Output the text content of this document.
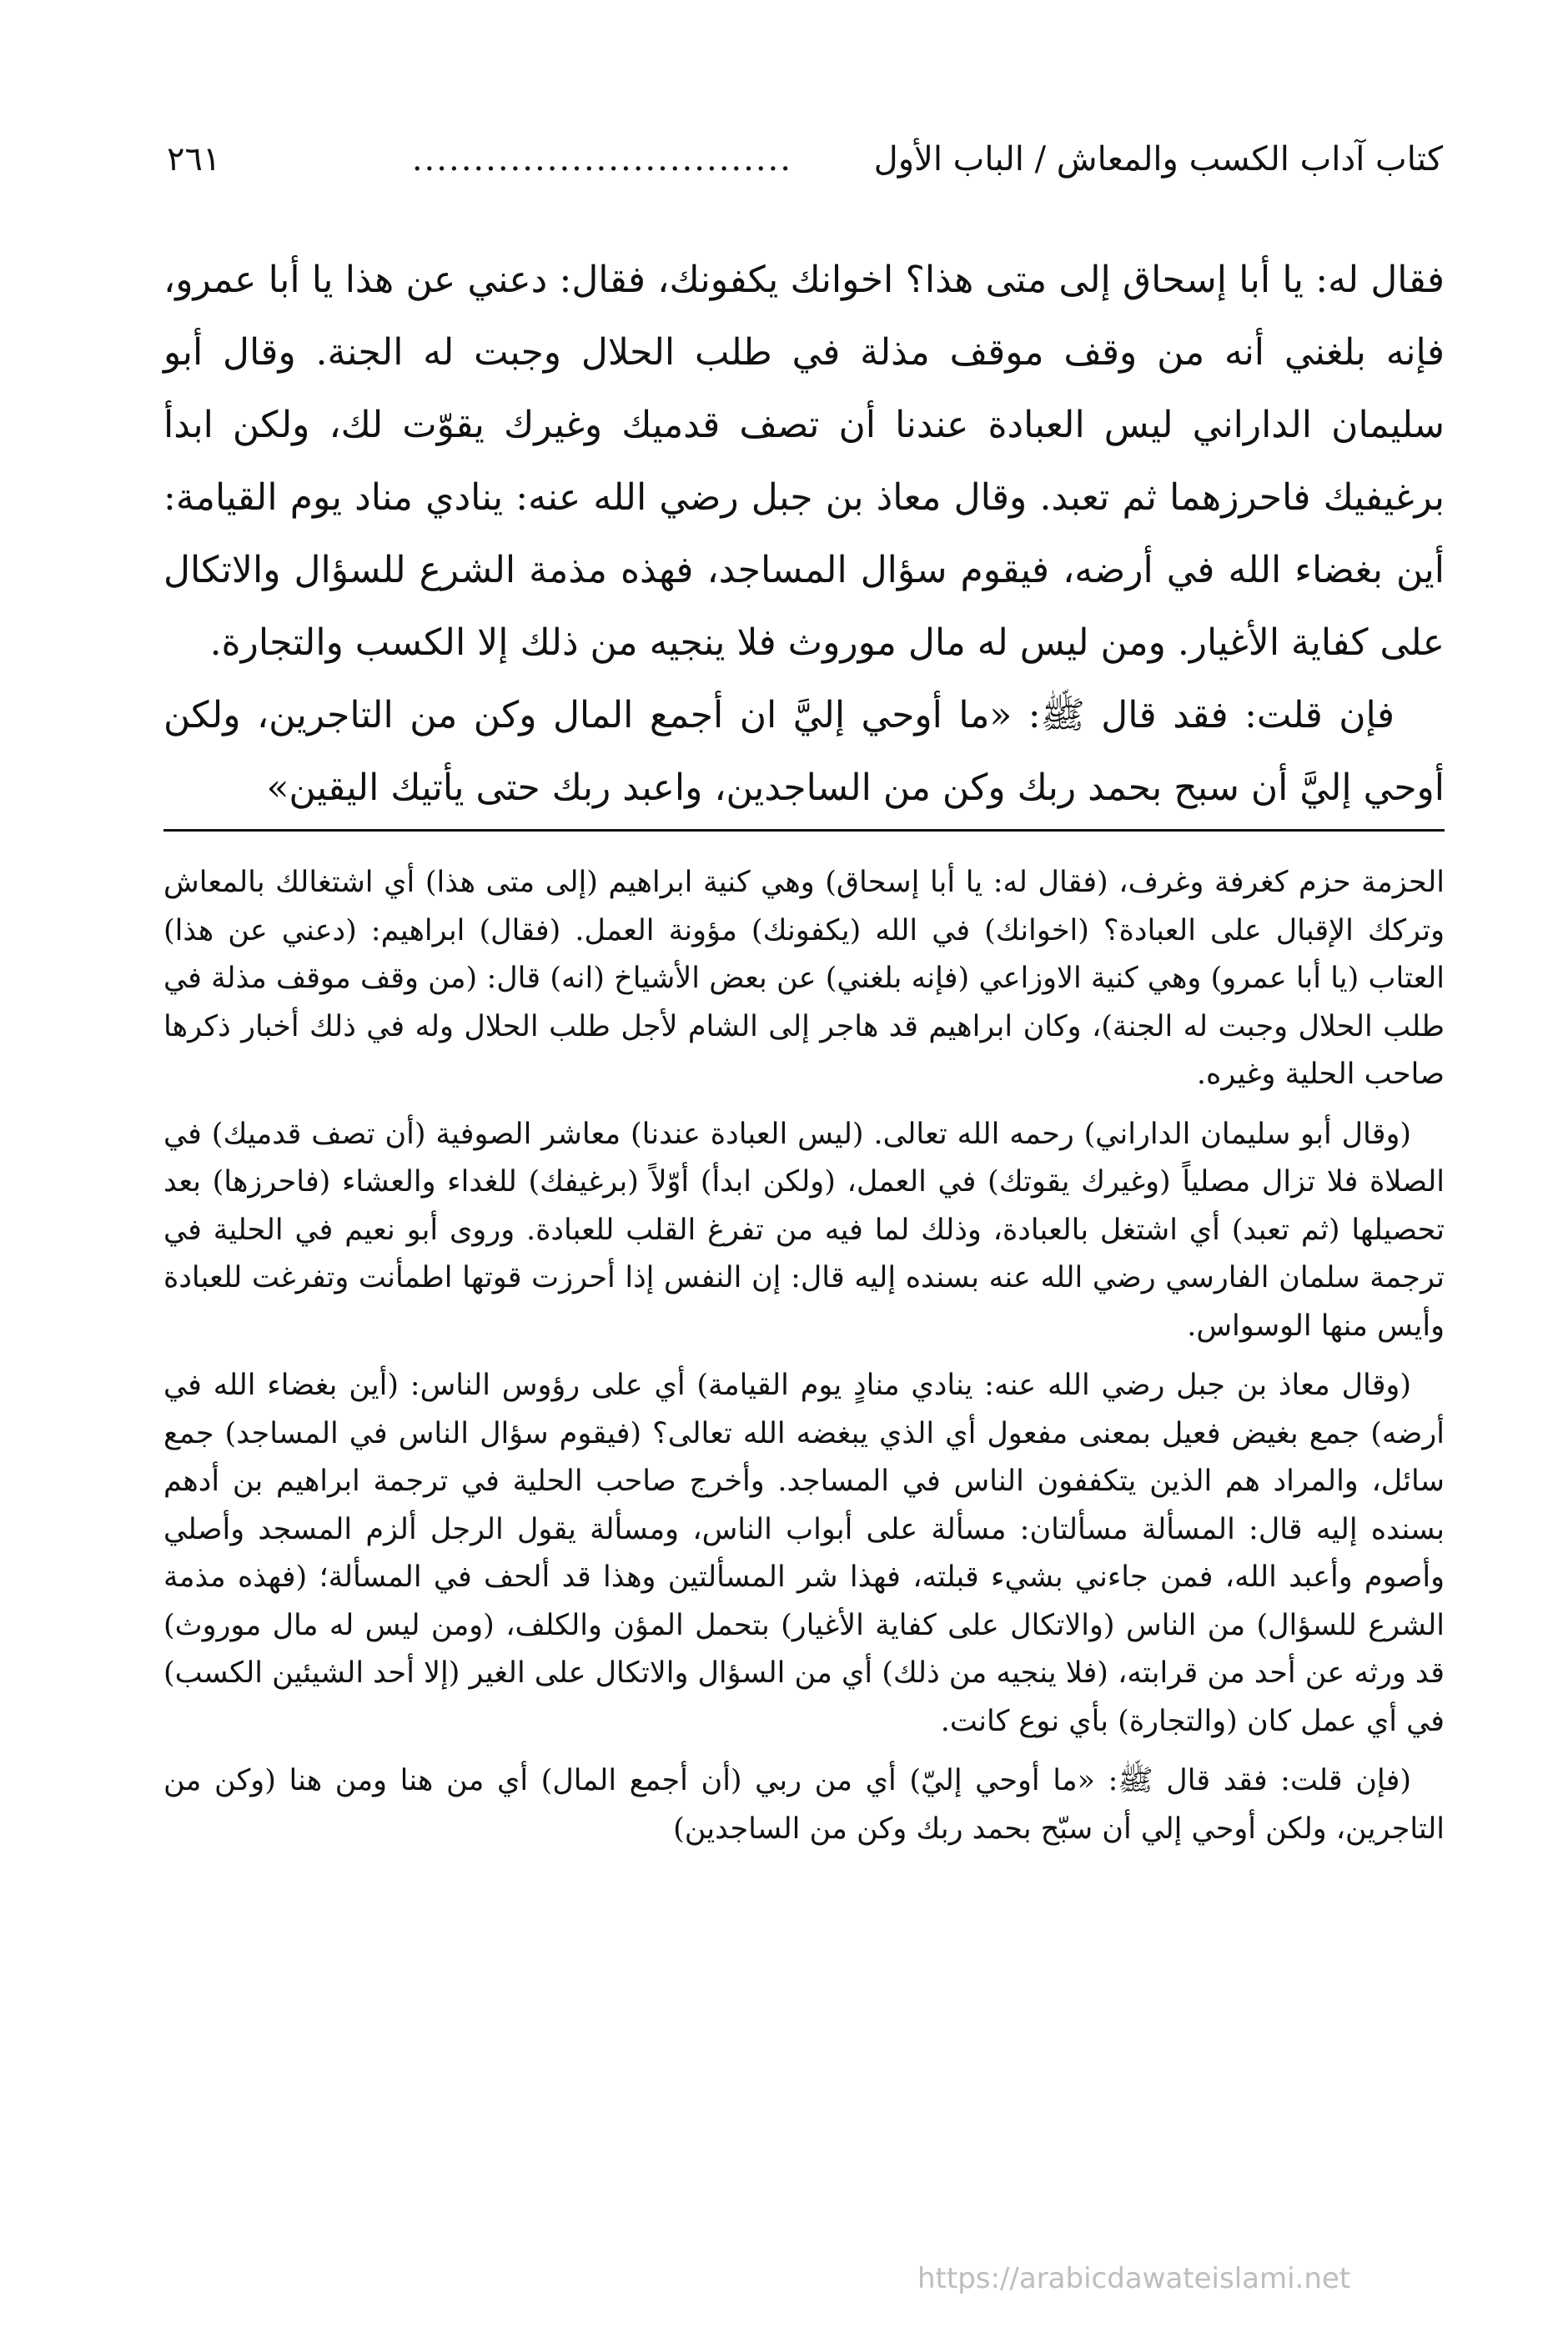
كتاب آداب الكسب والمعاش / الباب الأول
...............................
٢٦١

فقال له: يا أبا إسحاق إلى متى هذا؟ اخوانك يكفونك، فقال: دعني عن هذا يا أبا عمرو، فإنه بلغني أنه من وقف موقف مذلة في طلب الحلال وجبت له الجنة. وقال أبو سليمان الداراني ليس العبادة عندنا أن تصف قدميك وغيرك يقوّت لك، ولكن ابدأ برغيفيك فاحرزهما ثم تعبد. وقال معاذ بن جبل رضي الله عنه: ينادي مناد يوم القيامة: أين بغضاء الله في أرضه، فيقوم سؤال المساجد، فهذه مذمة الشرع للسؤال والاتكال على كفاية الأغيار. ومن ليس له مال موروث فلا ينجيه من ذلك إلا الكسب والتجارة.

فإن قلت: فقد قال ﷺ: «ما أوحي إليَّ ان أجمع المال وكن من التاجرين، ولكن أوحي إليَّ أن سبح بحمد ربك وكن من الساجدين، واعبد ربك حتى يأتيك اليقين»

الحزمة حزم كغرفة وغرف، (فقال له: يا أبا إسحاق) وهي كنية ابراهيم (إلى متى هذا) أي اشتغالك بالمعاش وتركك الإقبال على العبادة؟ (اخوانك) في الله (يكفونك) مؤونة العمل. (فقال) ابراهيم: (دعني عن هذا) العتاب (يا أبا عمرو) وهي كنية الاوزاعي (فإنه بلغني) عن بعض الأشياخ (انه) قال: (من وقف موقف مذلة في طلب الحلال وجبت له الجنة)، وكان ابراهيم قد هاجر إلى الشام لأجل طلب الحلال وله في ذلك أخبار ذكرها صاحب الحلية وغيره.

(وقال أبو سليمان الداراني) رحمه الله تعالى. (ليس العبادة عندنا) معاشر الصوفية (أن تصف قدميك) في الصلاة فلا تزال مصلياً (وغيرك يقوتك) في العمل، (ولكن ابدأ) أوّلاً (برغيفك) للغداء والعشاء (فاحرزها) بعد تحصيلها (ثم تعبد) أي اشتغل بالعبادة، وذلك لما فيه من تفرغ القلب للعبادة. وروى أبو نعيم في الحلية في ترجمة سلمان الفارسي رضي الله عنه بسنده إليه قال: إن النفس إذا أحرزت قوتها اطمأنت وتفرغت للعبادة وأيس منها الوسواس.

(وقال معاذ بن جبل رضي الله عنه: ينادي منادٍ يوم القيامة) أي على رؤوس الناس: (أين بغضاء الله في أرضه) جمع بغيض فعيل بمعنى مفعول أي الذي يبغضه الله تعالى؟ (فيقوم سؤال الناس في المساجد) جمع سائل، والمراد هم الذين يتكففون الناس في المساجد. وأخرج صاحب الحلية في ترجمة ابراهيم بن أدهم بسنده إليه قال: المسألة مسألتان: مسألة على أبواب الناس، ومسألة يقول الرجل ألزم المسجد وأصلي وأصوم وأعبد الله، فمن جاءني بشيء قبلته، فهذا شر المسألتين وهذا قد ألحف في المسألة؛ (فهذه مذمة الشرع للسؤال) من الناس (والاتكال على كفاية الأغيار) بتحمل المؤن والكلف، (ومن ليس له مال موروث) قد ورثه عن أحد من قرابته، (فلا ينجيه من ذلك) أي من السؤال والاتكال على الغير (إلا أحد الشيئين الكسب) في أي عمل كان (والتجارة) بأي نوع كانت.

(فإن قلت: فقد قال ﷺ: «ما أوحي إليّ) أي من ربي (أن أجمع المال) أي من هنا ومن هنا (وكن من التاجرين، ولكن أوحي إلي أن سبّح بحمد ربك وكن من الساجدين)

https://arabicdawateislami.net
